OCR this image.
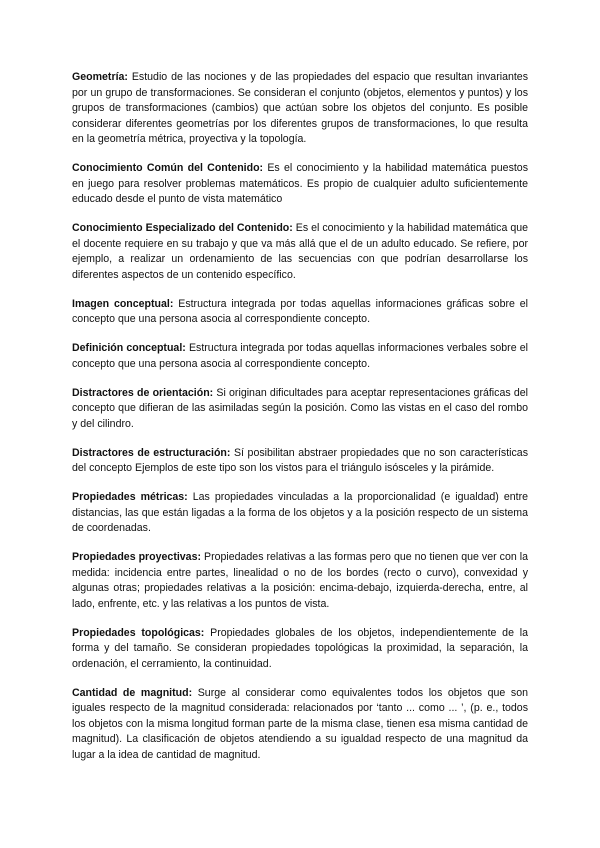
Geometría: Estudio de las nociones y de las propiedades del espacio que resultan invariantes por un grupo de transformaciones. Se consideran el conjunto (objetos, elementos y puntos) y los grupos de transformaciones (cambios) que actúan sobre los objetos del conjunto. Es posible considerar diferentes geometrías por los diferentes grupos de transformaciones, lo que resulta en la geometría métrica, proyectiva y la topología.

Conocimiento Común del Contenido: Es el conocimiento y la habilidad matemática puestos en juego para resolver problemas matemáticos. Es propio de cualquier adulto suficientemente educado desde el punto de vista matemático

Conocimiento Especializado del Contenido: Es el conocimiento y la habilidad matemática que el docente requiere en su trabajo y que va más allá que el de un adulto educado. Se refiere, por ejemplo, a realizar un ordenamiento de las secuencias con que podrían desarrollarse los diferentes aspectos de un contenido específico.

Imagen conceptual: Estructura integrada por todas aquellas informaciones gráficas sobre el concepto que una persona asocia al correspondiente concepto.

Definición conceptual: Estructura integrada por todas aquellas informaciones verbales sobre el concepto que una persona asocia al correspondiente concepto.

Distractores de orientación: Si originan dificultades para aceptar representaciones gráficas del concepto que difieran de las asimiladas según la posición. Como las vistas en el caso del rombo y del cilindro.

Distractores de estructuración: Sí posibilitan abstraer propiedades que no son características del concepto Ejemplos de este tipo son los vistos para el triángulo isósceles y la pirámide.

Propiedades métricas: Las propiedades vinculadas a la proporcionalidad (e igualdad) entre distancias, las que están ligadas a la forma de los objetos y a la posición respecto de un sistema de coordenadas.

Propiedades proyectivas: Propiedades relativas a las formas pero que no tienen que ver con la medida: incidencia entre partes, linealidad o no de los bordes (recto o curvo), convexidad y algunas otras; propiedades relativas a la posición: encima-debajo, izquierda-derecha, entre, al lado, enfrente, etc. y las relativas a los puntos de vista.

Propiedades topológicas: Propiedades globales de los objetos, independientemente de la forma y del tamaño. Se consideran propiedades topológicas la proximidad, la separación, la ordenación, el cerramiento, la continuidad.

Cantidad de magnitud: Surge al considerar como equivalentes todos los objetos que son iguales respecto de la magnitud considerada: relacionados por ‘tanto ... como ... ’, (p. e., todos los objetos con la misma longitud forman parte de la misma clase, tienen esa misma cantidad de magnitud). La clasificación de objetos atendiendo a su igualdad respecto de una magnitud da lugar a la idea de cantidad de magnitud.
